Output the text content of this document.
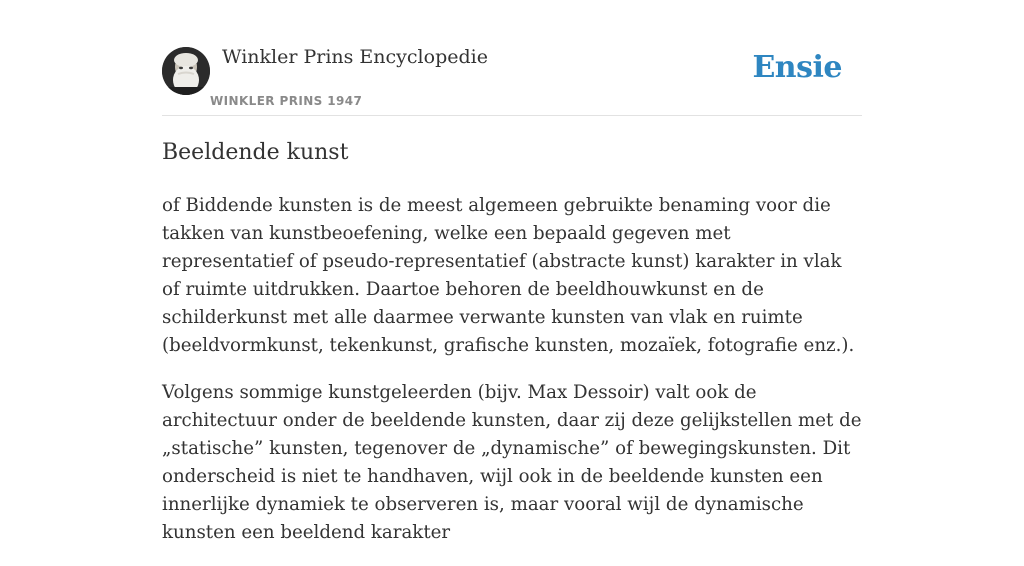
Winkler Prins Encyclopedie
WINKLER PRINS 1947
Ensie
Beeldende kunst

of Biddende kunsten is de meest algemeen gebruikte benaming voor die takken van kunstbeoefening, welke een bepaald gegeven met representatief of pseudo-representatief (abstracte kunst) karakter in vlak of ruimte uitdrukken. Daartoe behoren de beeldhouwkunst en de schilderkunst met alle daarmee verwante kunsten van vlak en ruimte (beeldvormkunst, tekenkunst, grafische kunsten, mozaïek, fotografie enz.).

Volgens sommige kunstgeleerden (bijv. Max Dessoir) valt ook de architectuur onder de beeldende kunsten, daar zij deze gelijkstellen met de „statische” kunsten, tegenover de „dynamische” of bewegingskunsten. Dit onderscheid is niet te handhaven, wijl ook in de beeldende kunsten een innerlijke dynamiek te observeren is, maar vooral wijl de dynamische kunsten een beeldend karakter
